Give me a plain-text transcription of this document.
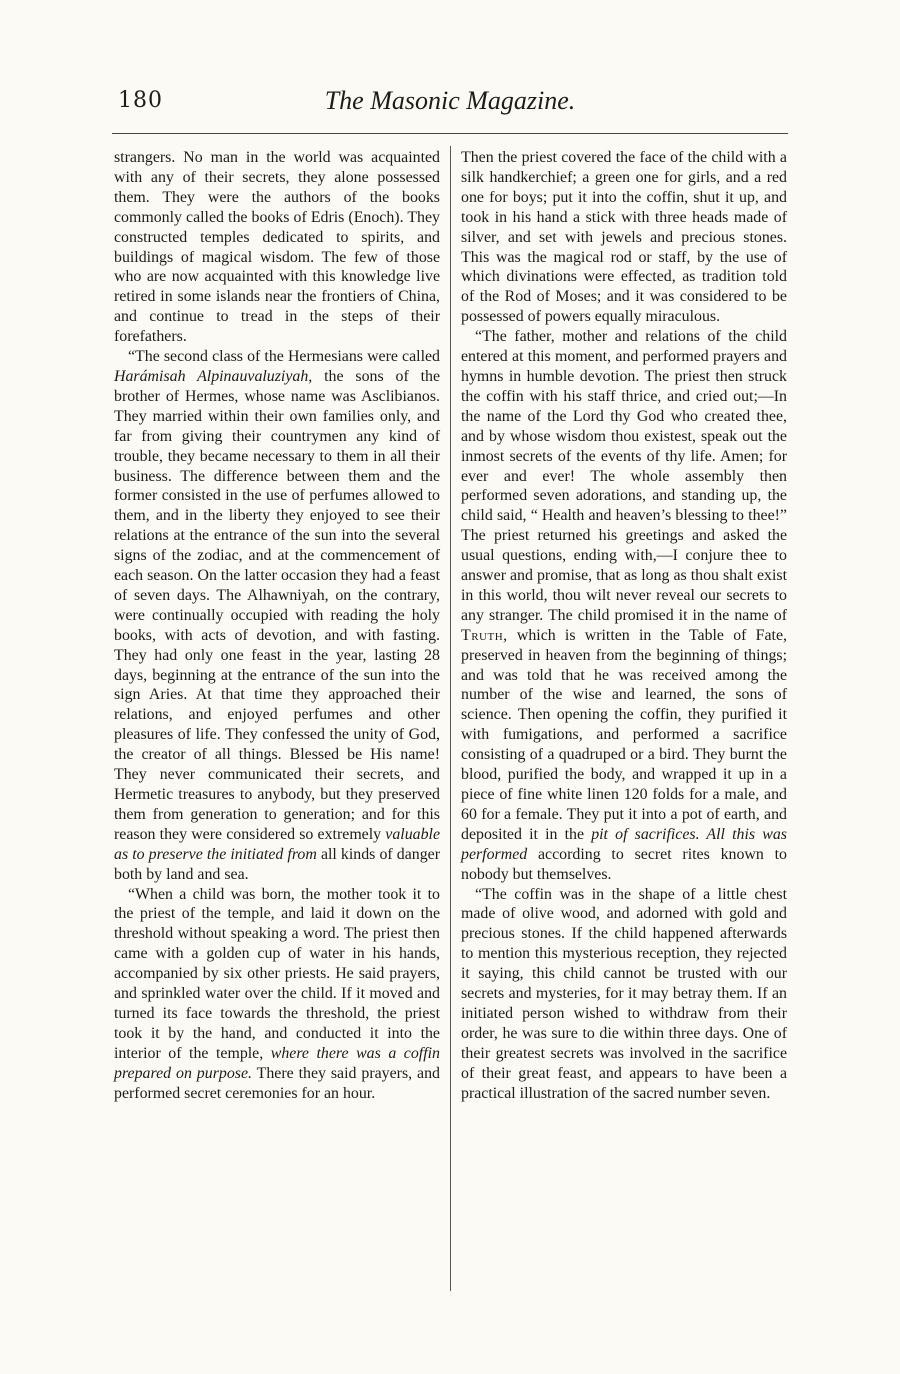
180	The Masonic Magazine.

strangers. No man in the world was acquainted with any of their secrets, they alone possessed them. They were the authors of the books commonly called the books of Edris (Enoch). They constructed temples dedicated to spirits, and buildings of magical wisdom. The few of those who are now acquainted with this knowledge live retired in some islands near the frontiers of China, and continue to tread in the steps of their forefathers.

“The second class of the Hermesians were called Harámisah Alpinauvaluziyah, the sons of the brother of Hermes, whose name was Asclibianos. They married within their own families only, and far from giving their countrymen any kind of trouble, they became necessary to them in all their business. The difference between them and the former consisted in the use of perfumes allowed to them, and in the liberty they enjoyed to see their relations at the entrance of the sun into the several signs of the zodiac, and at the commencement of each season. On the latter occasion they had a feast of seven days. The Alhawniyah, on the contrary, were continually occupied with reading the holy books, with acts of devotion, and with fasting. They had only one feast in the year, lasting 28 days, beginning at the entrance of the sun into the sign Aries. At that time they approached their relations, and enjoyed perfumes and other pleasures of life. They confessed the unity of God, the creator of all things. Blessed be His name! They never communicated their secrets, and Hermetic treasures to anybody, but they preserved them from generation to generation; and for this reason they were considered so extremely valuable as to preserve the initiated from all kinds of danger both by land and sea.

“When a child was born, the mother took it to the priest of the temple, and laid it down on the threshold without speaking a word. The priest then came with a golden cup of water in his hands, accompanied by six other priests. He said prayers, and sprinkled water over the child. If it moved and turned its face towards the threshold, the priest took it by the hand, and conducted it into the interior of the temple, where there was a coffin prepared on purpose. There they said prayers, and performed secret ceremonies for an hour.

Then the priest covered the face of the child with a silk handkerchief; a green one for girls, and a red one for boys; put it into the coffin, shut it up, and took in his hand a stick with three heads made of silver, and set with jewels and precious stones. This was the magical rod or staff, by the use of which divinations were effected, as tradition told of the Rod of Moses; and it was considered to be possessed of powers equally miraculous.

“The father, mother and relations of the child entered at this moment, and performed prayers and hymns in humble devotion. The priest then struck the coffin with his staff thrice, and cried out;—In the name of the Lord thy God who created thee, and by whose wisdom thou existest, speak out the inmost secrets of the events of thy life. Amen; for ever and ever! The whole assembly then performed seven adorations, and standing up, the child said, “ Health and heaven’s blessing to thee!” The priest returned his greetings and asked the usual questions, ending with,—I conjure thee to answer and promise, that as long as thou shalt exist in this world, thou wilt never reveal our secrets to any stranger. The child promised it in the name of Truth, which is written in the Table of Fate, preserved in heaven from the beginning of things; and was told that he was received among the number of the wise and learned, the sons of science. Then opening the coffin, they purified it with fumigations, and performed a sacrifice consisting of a quadruped or a bird. They burnt the blood, purified the body, and wrapped it up in a piece of fine white linen 120 folds for a male, and 60 for a female. They put it into a pot of earth, and deposited it in the pit of sacrifices. All this was performed according to secret rites known to nobody but themselves.

“The coffin was in the shape of a little chest made of olive wood, and adorned with gold and precious stones. If the child happened afterwards to mention this mysterious reception, they rejected it saying, this child cannot be trusted with our secrets and mysteries, for it may betray them. If an initiated person wished to withdraw from their order, he was sure to die within three days. One of their greatest secrets was involved in the sacrifice of their great feast, and appears to have been a practical illustration of the sacred number seven.
